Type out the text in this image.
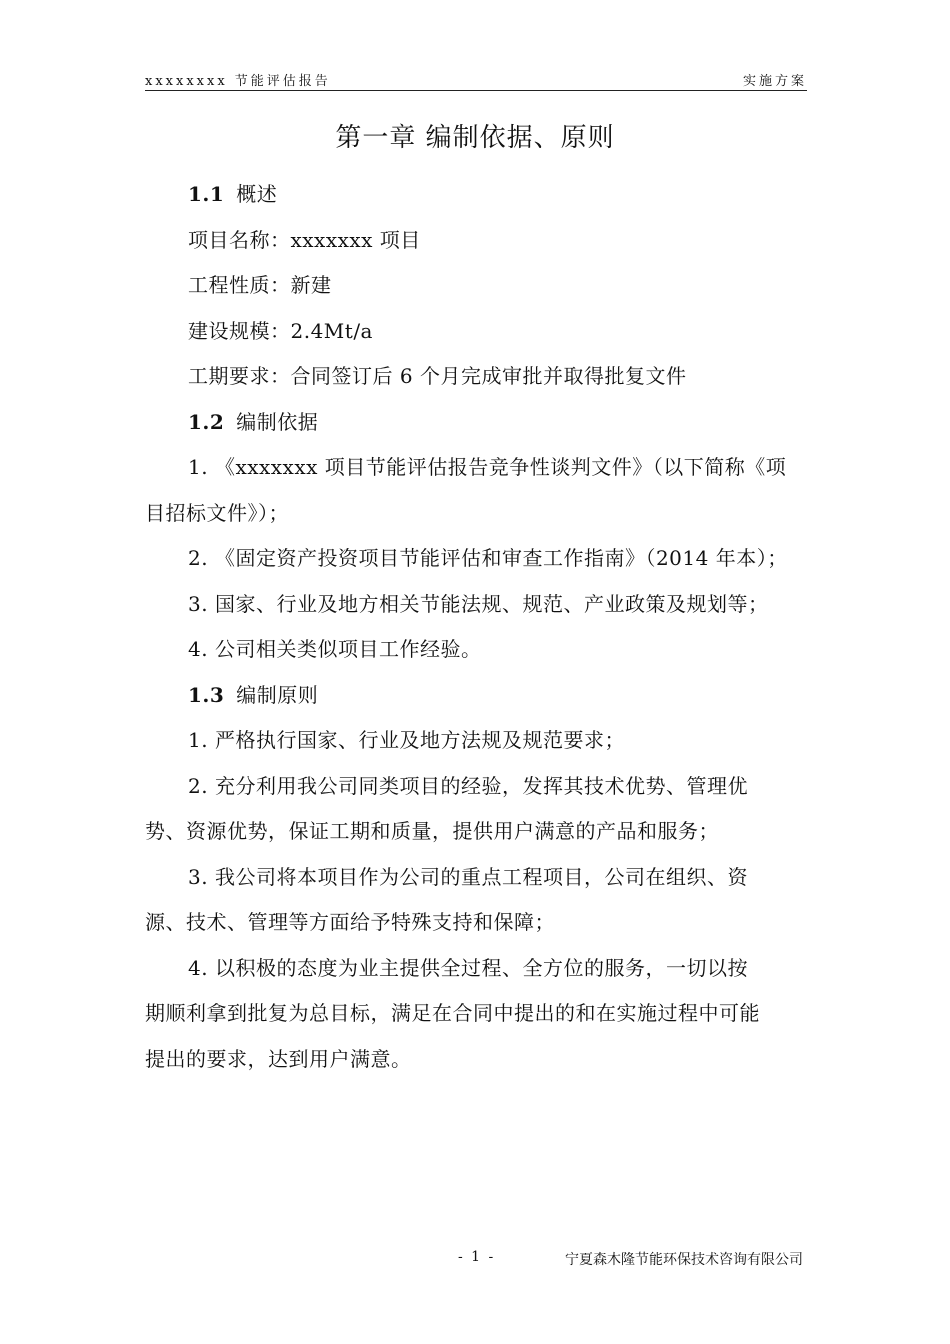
xxxxxxxx 节能评估报告	实施方案
第一章 编制依据、原则
1.1 概述
项目名称：xxxxxxx 项目
工程性质：新建
建设规模：2.4Mt/a
工期要求：合同签订后 6 个月完成审批并取得批复文件
1.2 编制依据
1. 《xxxxxxx 项目节能评估报告竞争性谈判文件》（以下简称《项
目招标文件》）；
2. 《固定资产投资项目节能评估和审查工作指南》（2014 年本）；
3. 国家、行业及地方相关节能法规、规范、产业政策及规划等；
4. 公司相关类似项目工作经验。
1.3 编制原则
1. 严格执行国家、行业及地方法规及规范要求；
2. 充分利用我公司同类项目的经验，发挥其技术优势、管理优
势、资源优势，保证工期和质量，提供用户满意的产品和服务；
3. 我公司将本项目作为公司的重点工程项目，公司在组织、资
源、技术、管理等方面给予特殊支持和保障；
4. 以积极的态度为业主提供全过程、全方位的服务，一切以按
期顺利拿到批复为总目标，满足在合同中提出的和在实施过程中可能
提出的要求，达到用户满意。
- 1 -	宁夏森木隆节能环保技术咨询有限公司
